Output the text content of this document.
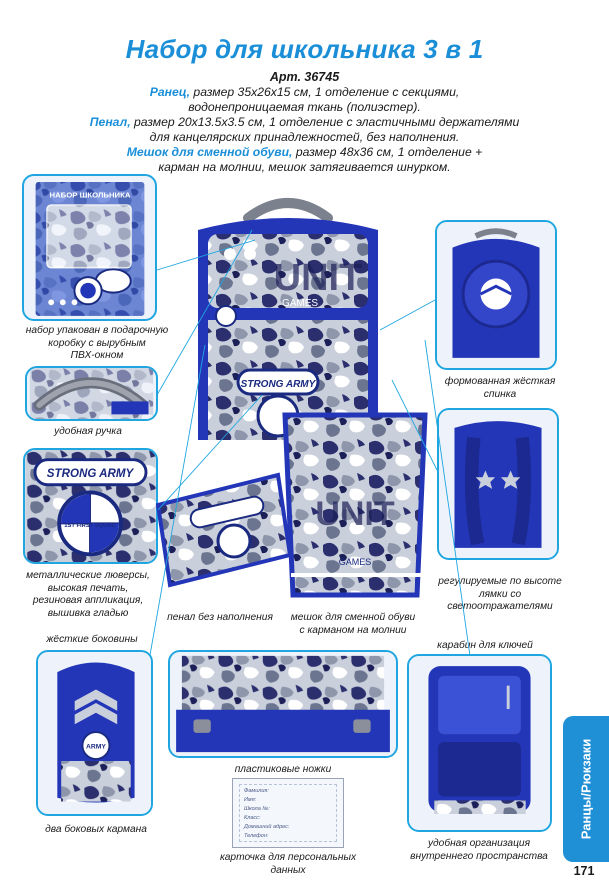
Набор для школьника 3 в 1
Арт. 36745
Ранец, размер 35х26х15 см, 1 отделение с секциями,
водонепроницаемая ткань (полиэстер).
Пенал, размер 20х13.5х3.5 см, 1 отделение с эластичными держателями
для канцелярских принадлежностей, без наполнения.
Мешок для сменной обуви, размер 48х36 см, 1 отделение +
карман на молнии, мешок затягивается шнурком.
НАБОР ШКОЛЬНИКА
набор упакован в подарочную
коробку с вырубным
ПВХ-окном
удобная ручка
STRONG ARMY
1ST FIRST SQUAD
металлические люверсы,
высокая печать,
резиновая аппликация,
вышивка гладью
жёсткие боковины
ARMY
два боковых кармана
UNIT
GAMES
STRONG ARMY
пенал без наполнения
UNIT
GAMES
мешок для сменной обуви
с карманом на молнии
формованная жёсткая
спинка
регулируемые по высоте
лямки со
светоотражателями
карабин для ключей
удобная организация
внутреннего пространства
пластиковые ножки
Фамилия:
Имя:
Школа №:
Класс:
Домашний адрес:
Телефон:
карточка для персональных
данных
Ранцы/Рюкзаки
171
